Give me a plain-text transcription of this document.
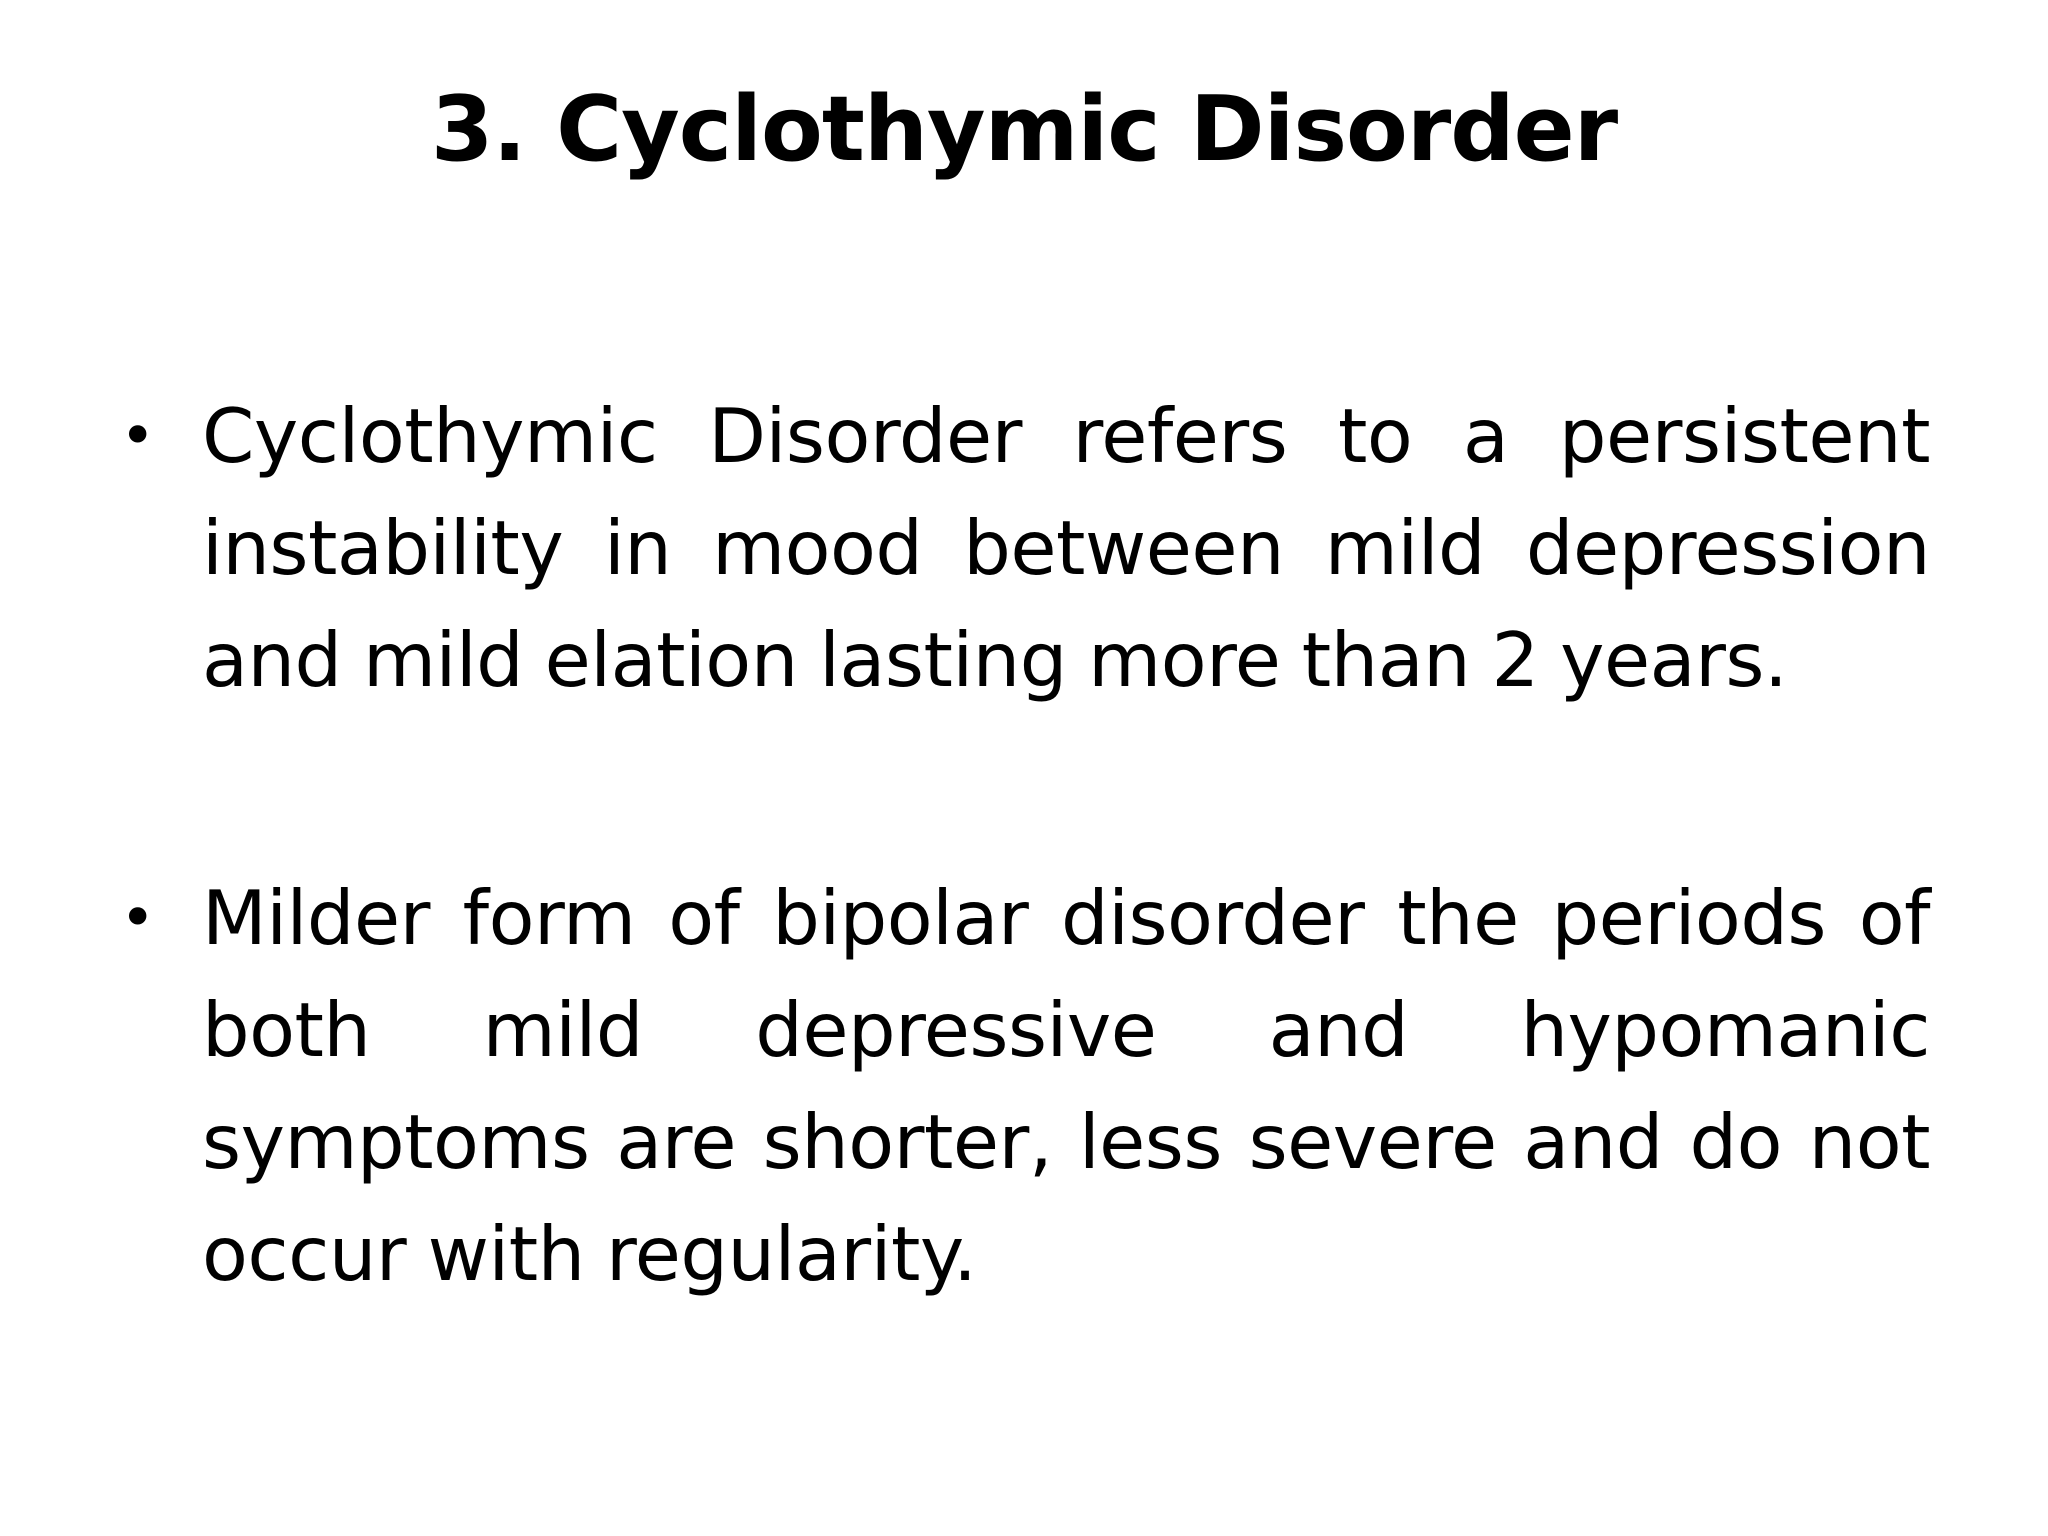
3. Cyclothymic Disorder
• Cyclothymic Disorder refers to a persistent instability in mood between mild depression and mild elation lasting more than 2 years.
• Milder form of bipolar disorder the periods of both mild depressive and hypomanic symptoms are shorter, less severe and do not occur with regularity.
